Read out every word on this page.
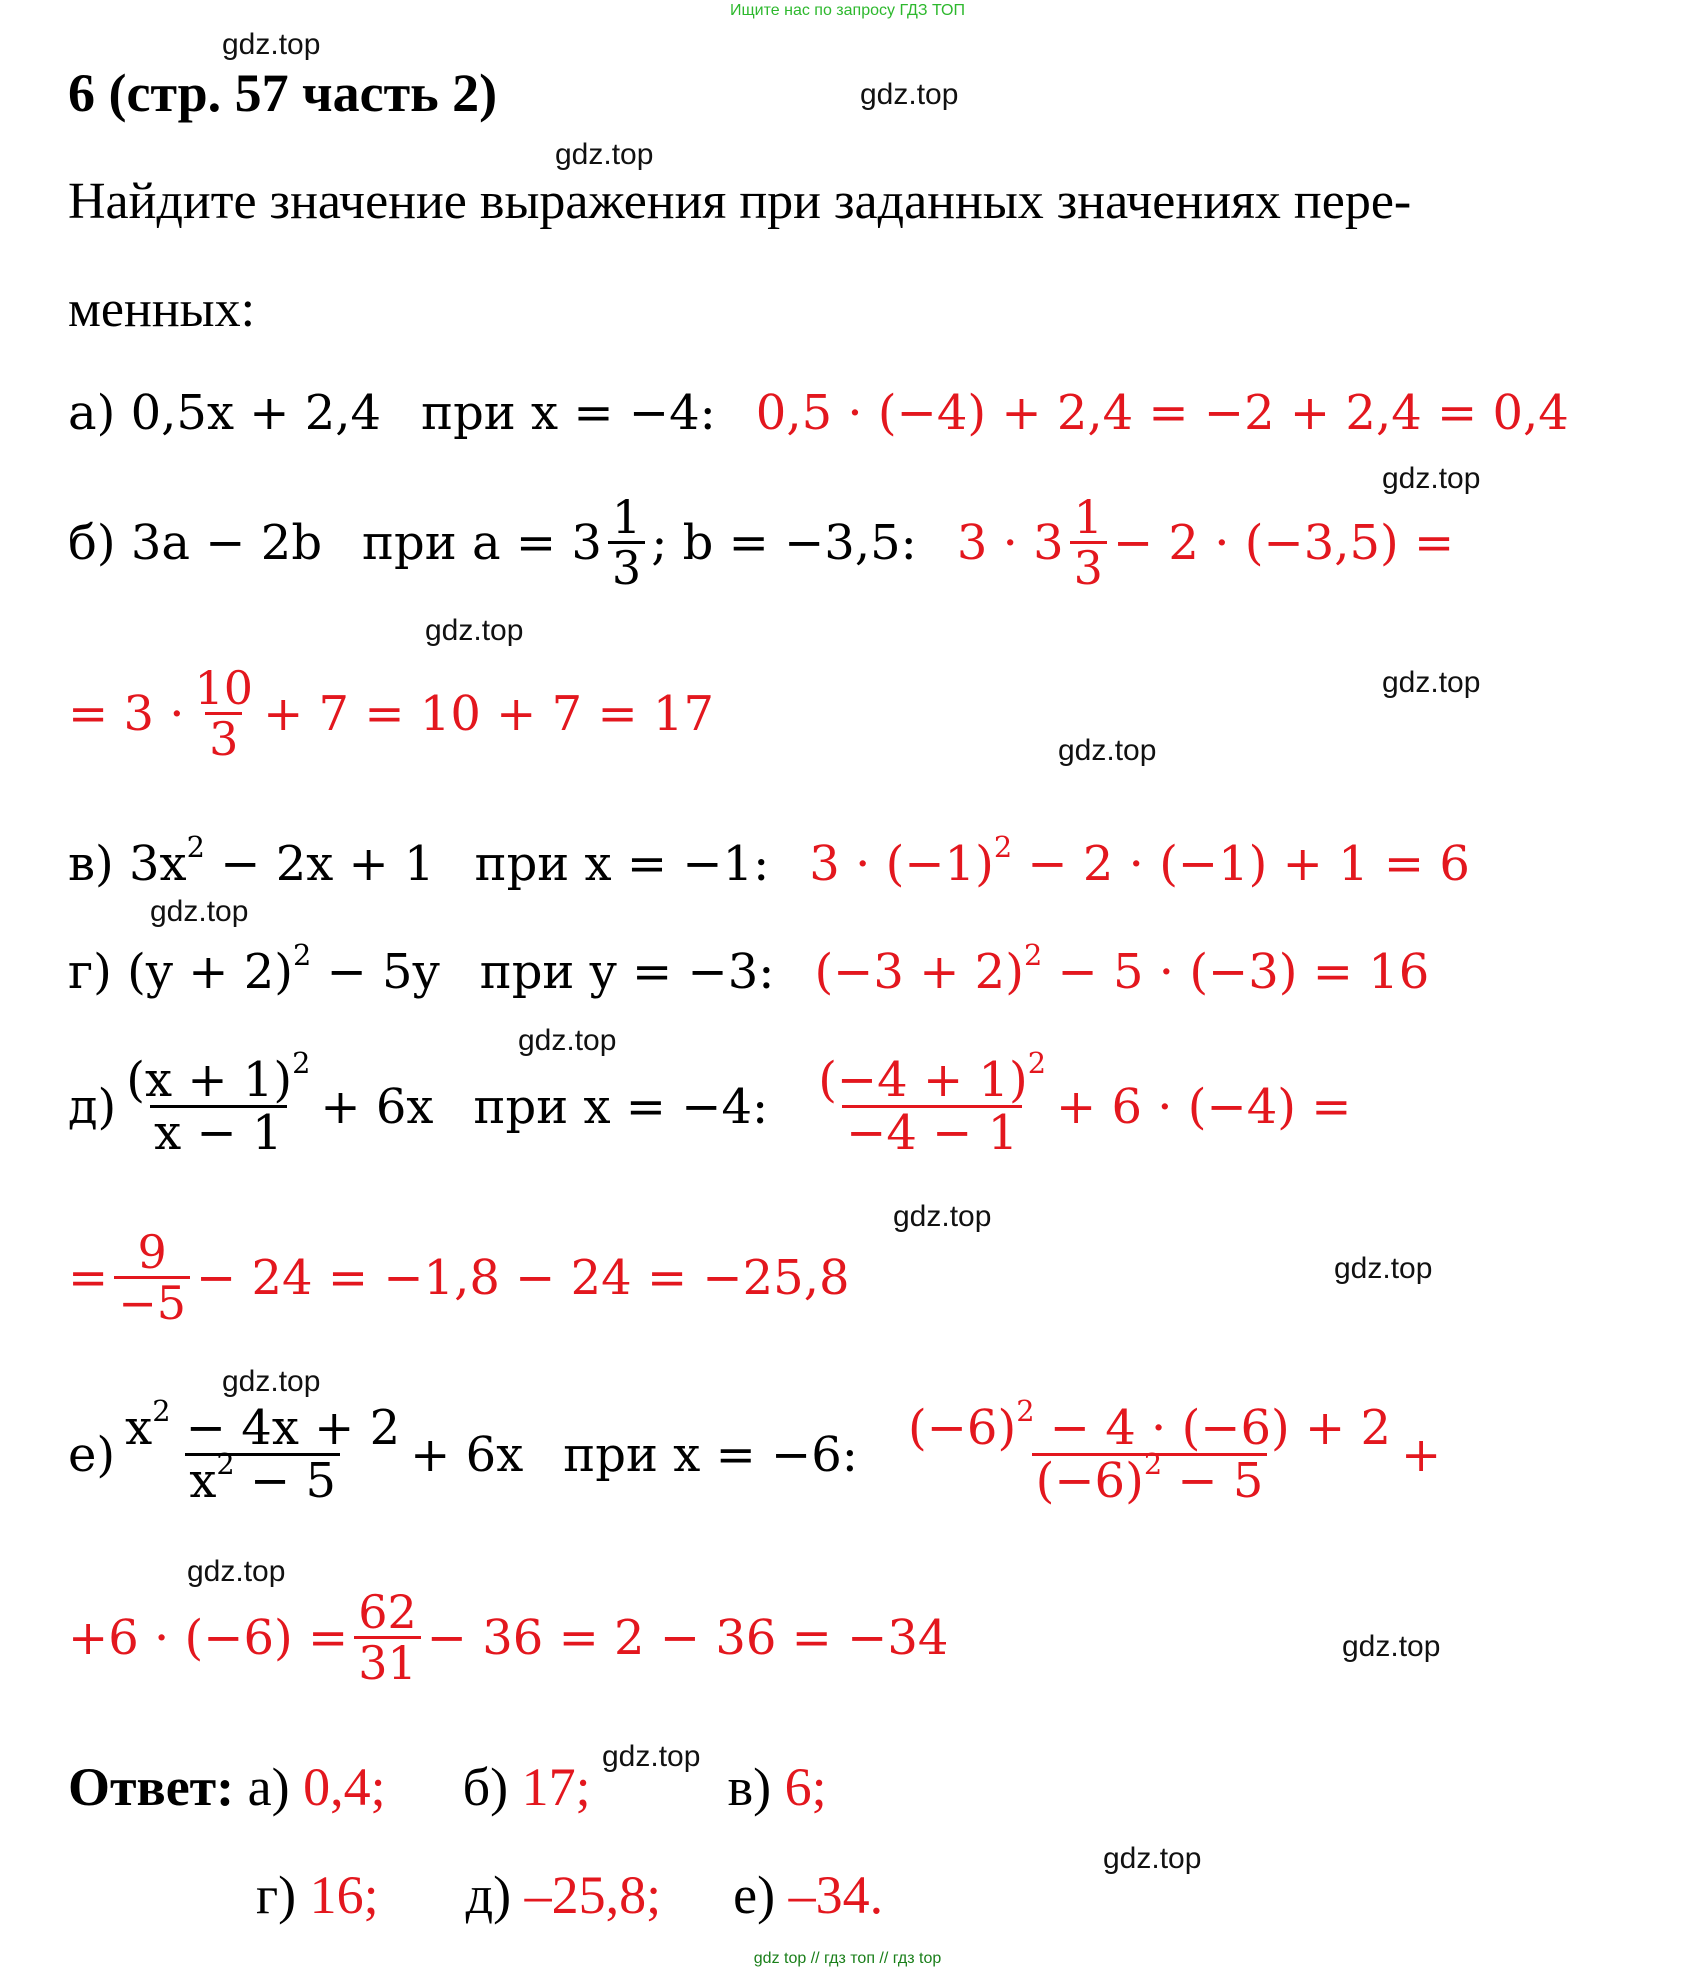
Ищите нас по запросу ГДЗ ТОП
gdz.top
gdz.top
gdz.top
gdz.top
gdz.top
gdz.top
gdz.top
gdz.top
gdz.top
gdz.top
gdz.top
gdz.top
gdz.top
gdz.top
gdz.top
gdz.top
6 (стр. 57 часть 2)
Найдите значение выражения при заданных значениях пере-
менных:
а) 0,5x + 2,4 при x = −4: 0,5 · (−4) + 2,4 = −2 + 2,4 = 0,4
б) 3a − 2b при $a = 3 \frac{1}{3}$ ; b = −3,5: $3 \cdot 3 \frac{1}{3} - 2 \cdot (-3,5)$ =
= $3 \cdot \frac{10}{3} + 7 = 10 + 7 = 17$
в) $3x^2 - 2x + 1$ при x = −1: $3 \cdot (-1)^2 - 2 \cdot (-1) + 1 = 6$
г) $(y + 2)^2 - 5y$ при y = −3: $(-3 + 2)^2 - 5 \cdot (-3) = 16$
$д) \frac{(x + 1)^2}{x - 1} + 6x$ при x = −4: $\frac{(-4 + 1)^2}{-4 - 1} + 6 \cdot (-4)$ =
= $\frac{9}{-5} - 24 = -1,8 - 24 = -25,8$
$е) \frac{x^2 - 4x + 2}{x^2 - 5} + 6x$ при x = −6: $\frac{(-6)^2 - 4 \cdot (-6) + 2}{(-6)^2 - 5}$ +
$+6 \cdot (-6) = \frac{62}{31} - 36 = 2 - 36 = -34$
Ответ: а) 0,4; б) 17;	в) 6;
г) 16; д) –25,8; е) –34.
gdz top // гдз топ // гдз top
